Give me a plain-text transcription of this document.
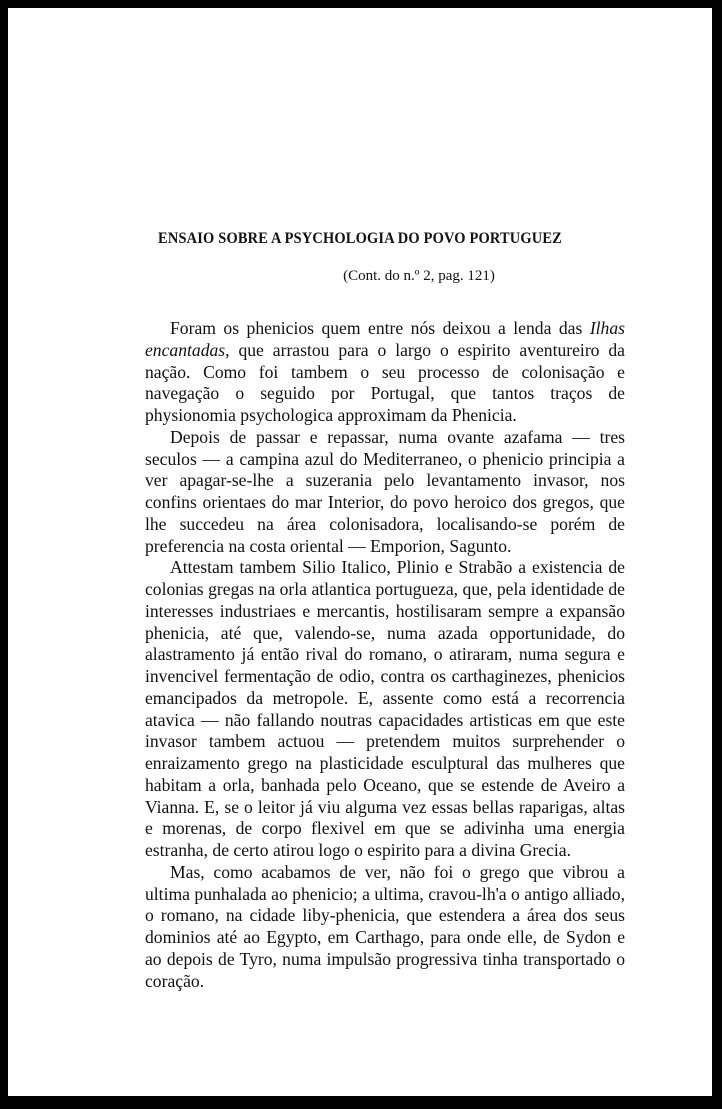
ENSAIO SOBRE A PSYCHOLOGIA DO POVO PORTUGUEZ
(Cont. do n.º 2, pag. 121)

Foram os phenicios quem entre nós deixou a lenda das Ilhas encantadas, que arrastou para o largo o espirito aventureiro da nação. Como foi tambem o seu processo de colonisação e navegação o seguido por Portugal, que tantos traços de physionomia psychologica approximam da Phenicia.

Depois de passar e repassar, numa ovante azafama — tres seculos — a campina azul do Mediterraneo, o phenicio principia a ver apagar-se-lhe a suzerania pelo levantamento invasor, nos confins orientaes do mar Interior, do povo heroico dos gregos, que lhe succedeu na área colonisadora, localisando-se porém de preferencia na costa oriental — Emporion, Sagunto.

Attestam tambem Silio Italico, Plinio e Strabão a existencia de colonias gregas na orla atlantica portugueza, que, pela identidade de interesses industriaes e mercantis, hostilisaram sempre a expansão phenicia, até que, valendo-se, numa azada opportunidade, do alastramento já então rival do romano, o atiraram, numa segura e invencivel fermentação de odio, contra os carthaginezes, phenicios emancipados da metropole. E, assente como está a recorrencia atavica — não fallando noutras capacidades artisticas em que este invasor tambem actuou — pretendem muitos surprehender o enraizamento grego na plasticidade esculptural das mulheres que habitam a orla, banhada pelo Oceano, que se estende de Aveiro a Vianna. E, se o leitor já viu alguma vez essas bellas raparigas, altas e morenas, de corpo flexivel em que se adivinha uma energia estranha, de certo atirou logo o espirito para a divina Grecia.

Mas, como acabamos de ver, não foi o grego que vibrou a ultima punhalada ao phenicio; a ultima, cravou-lh'a o antigo alliado, o romano, na cidade liby-phenicia, que estendera a área dos seus dominios até ao Egypto, em Carthago, para onde elle, de Sydon e ao depois de Tyro, numa impulsão progressiva tinha transportado o coração.
